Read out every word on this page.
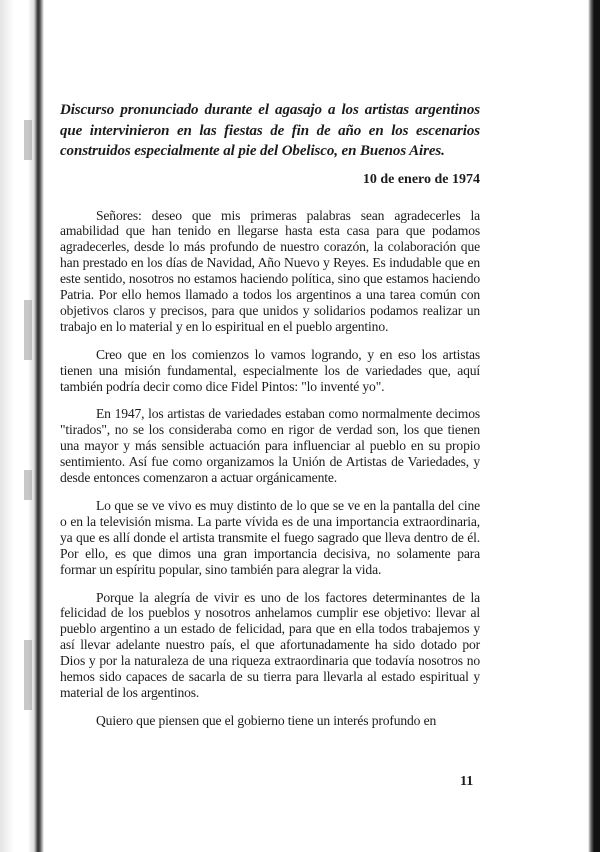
Discurso pronunciado durante el agasajo a los artistas argentinos que intervinieron en las fiestas de fin de año en los escenarios construidos especialmente al pie del Obelisco, en Buenos Aires.

10 de enero de 1974

Señores: deseo que mis primeras palabras sean agradecerles la amabilidad que han tenido en llegarse hasta esta casa para que podamos agradecerles, desde lo más profundo de nuestro corazón, la colaboración que han prestado en los días de Navidad, Año Nuevo y Reyes. Es indudable que en este sentido, nosotros no estamos haciendo política, sino que estamos haciendo Patria. Por ello hemos llamado a todos los argentinos a una tarea común con objetivos claros y precisos, para que unidos y solidarios podamos realizar un trabajo en lo material y en lo espiritual en el pueblo argentino.

Creo que en los comienzos lo vamos logrando, y en eso los artistas tienen una misión fundamental, especialmente los de variedades que, aquí también podría decir como dice Fidel Pintos: "lo inventé yo".

En 1947, los artistas de variedades estaban como normalmente decimos "tirados", no se los consideraba como en rigor de verdad son, los que tienen una mayor y más sensible actuación para influenciar al pueblo en su propio sentimiento. Así fue como organizamos la Unión de Artistas de Variedades, y desde entonces comenzaron a actuar orgánicamente.

Lo que se ve vivo es muy distinto de lo que se ve en la pantalla del cine o en la televisión misma. La parte vívida es de una importancia extraordinaria, ya que es allí donde el artista transmite el fuego sagrado que lleva dentro de él. Por ello, es que dimos una gran importancia decisiva, no solamente para formar un espíritu popular, sino también para alegrar la vida.

Porque la alegría de vivir es uno de los factores determinantes de la felicidad de los pueblos y nosotros anhelamos cumplir ese objetivo: llevar al pueblo argentino a un estado de felicidad, para que en ella todos trabajemos y así llevar adelante nuestro país, el que afortunadamente ha sido dotado por Dios y por la naturaleza de una riqueza extraordinaria que todavía nosotros no hemos sido capaces de sacarla de su tierra para llevarla al estado espiritual y material de los argentinos.

Quiero que piensen que el gobierno tiene un interés profundo en

11
